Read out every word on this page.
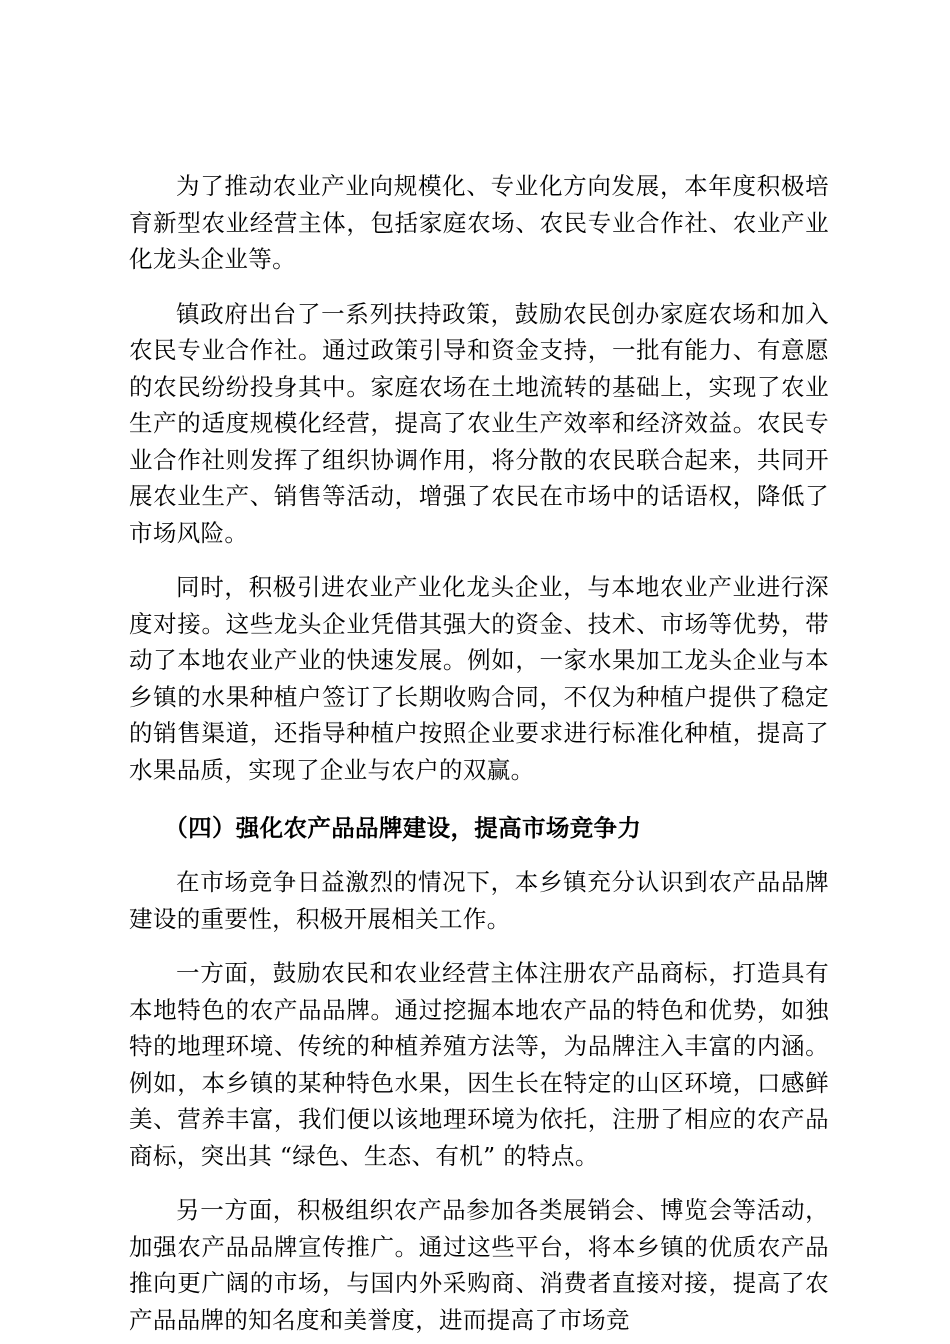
为了推动农业产业向规模化、专业化方向发展，本年度积极培育新型农业经营主体，包括家庭农场、农民专业合作社、农业产业化龙头企业等。

镇政府出台了一系列扶持政策，鼓励农民创办家庭农场和加入农民专业合作社。通过政策引导和资金支持，一批有能力、有意愿的农民纷纷投身其中。家庭农场在土地流转的基础上，实现了农业生产的适度规模化经营，提高了农业生产效率和经济效益。农民专业合作社则发挥了组织协调作用，将分散的农民联合起来，共同开展农业生产、销售等活动，增强了农民在市场中的话语权，降低了市场风险。

同时，积极引进农业产业化龙头企业，与本地农业产业进行深度对接。这些龙头企业凭借其强大的资金、技术、市场等优势，带动了本地农业产业的快速发展。例如，一家水果加工龙头企业与本乡镇的水果种植户签订了长期收购合同，不仅为种植户提供了稳定的销售渠道，还指导种植户按照企业要求进行标准化种植，提高了水果品质，实现了企业与农户的双赢。

（四）强化农产品品牌建设，提高市场竞争力

在市场竞争日益激烈的情况下，本乡镇充分认识到农产品品牌建设的重要性，积极开展相关工作。

一方面，鼓励农民和农业经营主体注册农产品商标，打造具有本地特色的农产品品牌。通过挖掘本地农产品的特色和优势，如独特的地理环境、传统的种植养殖方法等，为品牌注入丰富的内涵。例如，本乡镇的某种特色水果，因生长在特定的山区环境，口感鲜美、营养丰富，我们便以该地理环境为依托，注册了相应的农产品商标，突出其 “绿色、生态、有机” 的特点。

另一方面，积极组织农产品参加各类展销会、博览会等活动，加强农产品品牌宣传推广。通过这些平台，将本乡镇的优质农产品推向更广阔的市场，与国内外采购商、消费者直接对接，提高了农产品品牌的知名度和美誉度，进而提高了市场竞
